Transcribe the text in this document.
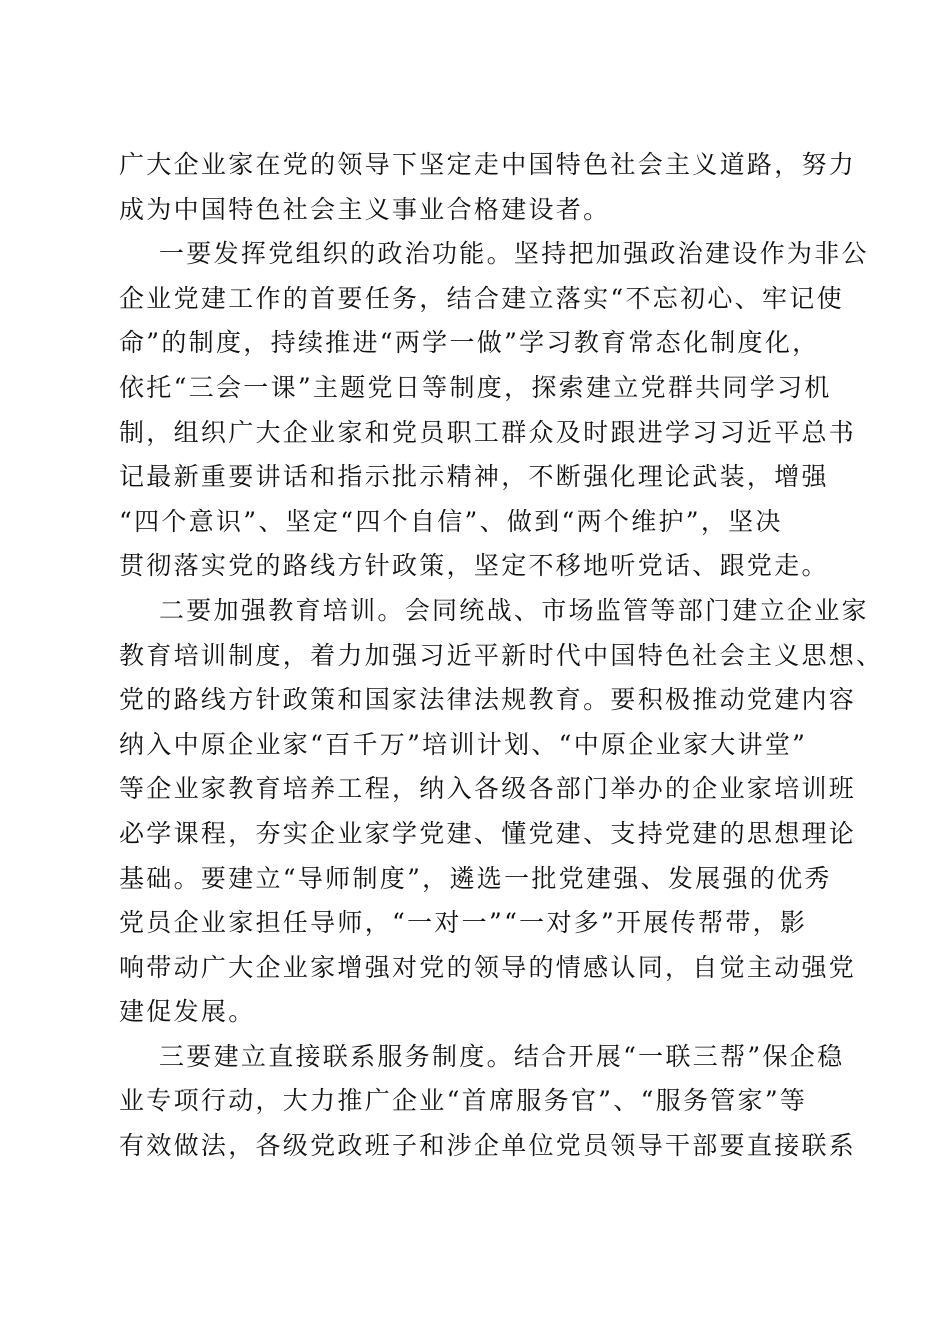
广大企业家在党的领导下坚定走中国特色社会主义道路，努力
成为中国特色社会主义事业合格建设者。
一要发挥党组织的政治功能。坚持把加强政治建设作为非公
企业党建工作的首要任务，结合建立落实“不忘初心、牢记使
命”的制度，持续推进“两学一做”学习教育常态化制度化，
依托“三会一课”主题党日等制度，探索建立党群共同学习机
制，组织广大企业家和党员职工群众及时跟进学习习近平总书
记最新重要讲话和指示批示精神，不断强化理论武装，增强
“四个意识”、坚定“四个自信”、做到“两个维护”，坚决
贯彻落实党的路线方针政策，坚定不移地听党话、跟党走。
二要加强教育培训。会同统战、市场监管等部门建立企业家
教育培训制度，着力加强习近平新时代中国特色社会主义思想、
党的路线方针政策和国家法律法规教育。要积极推动党建内容
纳入中原企业家“百千万”培训计划、“中原企业家大讲堂”
等企业家教育培养工程，纳入各级各部门举办的企业家培训班
必学课程，夯实企业家学党建、懂党建、支持党建的思想理论
基础。要建立“导师制度”，遴选一批党建强、发展强的优秀
党员企业家担任导师，“一对一”“一对多”开展传帮带，影
响带动广大企业家增强对党的领导的情感认同，自觉主动强党
建促发展。
三要建立直接联系服务制度。结合开展“一联三帮”保企稳
业专项行动，大力推广企业“首席服务官”、“服务管家”等
有效做法，各级党政班子和涉企单位党员领导干部要直接联系
